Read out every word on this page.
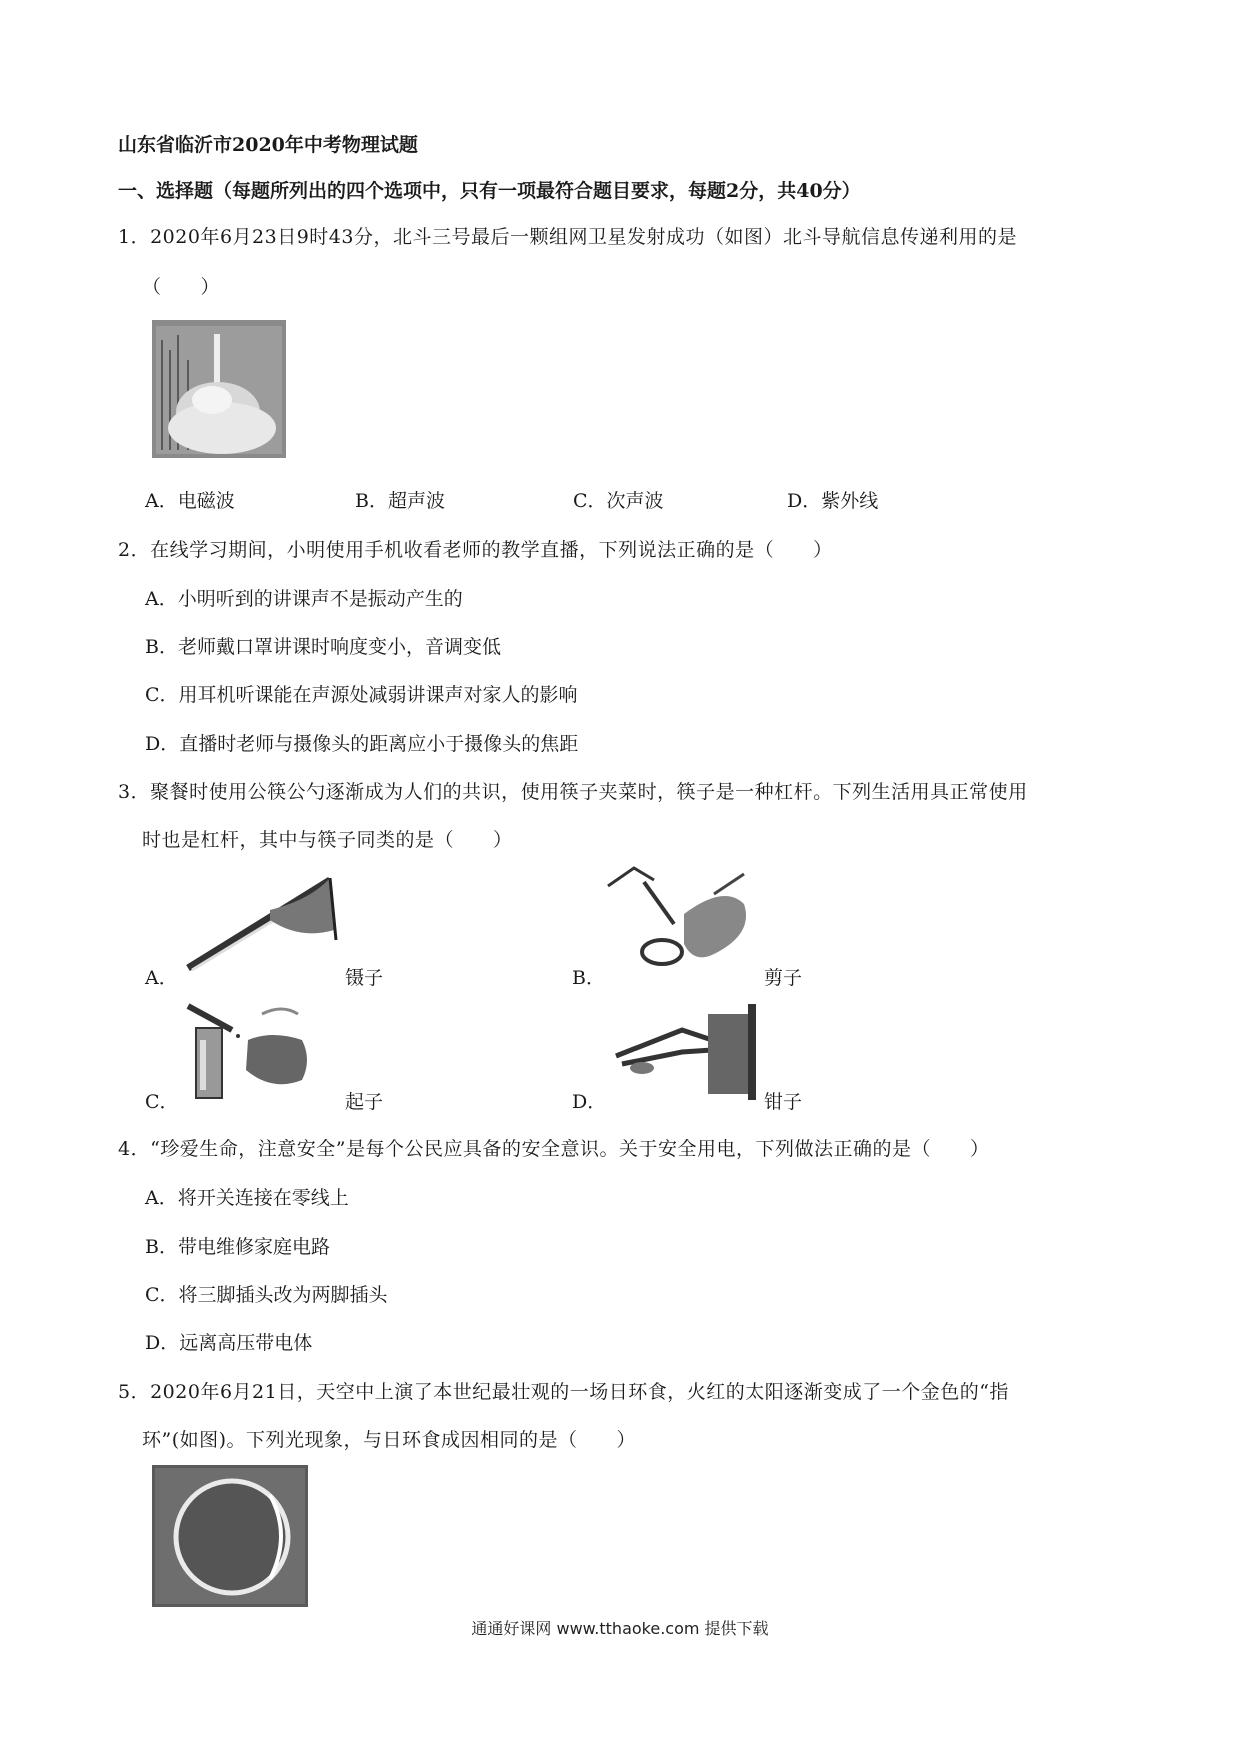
山东省临沂市2020年中考物理试题
一、选择题（每题所列出的四个选项中，只有一项最符合题目要求，每题2分，共40分）
1．2020年6月23日9时43分，北斗三号最后一颗组网卫星发射成功（如图）北斗导航信息传递利用的是
（　　）
A．电磁波	B．超声波	C．次声波	D．紫外线
2．在线学习期间，小明使用手机收看老师的教学直播，下列说法正确的是（　　）
A．小明听到的讲课声不是振动产生的
B．老师戴口罩讲课时响度变小，音调变低
C．用耳机听课能在声源处减弱讲课声对家人的影响
D．直播时老师与摄像头的距离应小于摄像头的焦距
3．聚餐时使用公筷公勺逐渐成为人们的共识，使用筷子夹菜时，筷子是一种杠杆。下列生活用具正常使用
时也是杠杆，其中与筷子同类的是（　　）
A．	镊子	B．	剪子
C．	起子	D．	钳子
4．“珍爱生命，注意安全”是每个公民应具备的安全意识。关于安全用电，下列做法正确的是（　　）
A．将开关连接在零线上
B．带电维修家庭电路
C．将三脚插头改为两脚插头
D．远离高压带电体
5．2020年6月21日，天空中上演了本世纪最壮观的一场日环食，火红的太阳逐渐变成了一个金色的“指
环”(如图)。下列光现象，与日环食成因相同的是（　　）
通通好课网 www.tthaoke.com 提供下载
